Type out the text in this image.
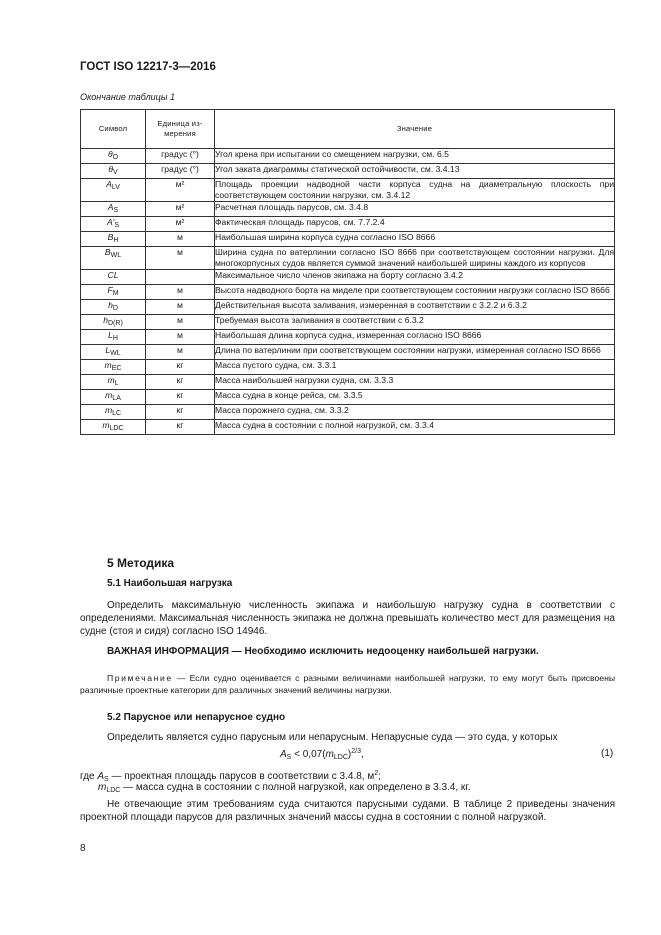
ГОСТ ISO 12217-3—2016
Окончание таблицы 1
Символ	Единица из-мерения	Значение
$\theta_O$	градус (°)	Угол крена при испытании со смещением нагрузки, см. 6.5
$\theta_V$	градус (°)	Угол заката диаграммы статической остойчивости, см. 3.4.13
$A_{LV}$	м²	Площадь проекции надводной части корпуса судна на диаметральную плоскость при соответствующем состоянии нагрузки, см. 3.4.12
$A_S$	м²	Расчетная площадь парусов, см. 3.4.8
$A'_S$	м²	Фактическая площадь парусов, см. 7.7.2.4
$B_H$	м	Наибольшая ширина корпуса судна согласно ISO 8666
$B_{WL}$	м	Ширина судна по ватерлинии согласно ISO 8666 при соответствующем состоянии нагрузки. Для многокорпусных судов является суммой значений наибольшей ширины каждого из корпусов
CL		Максимальное число членов экипажа на борту согласно 3.4.2
$F_M$	м	Высота надводного борта на миделе при соответствующем состоянии нагрузки согласно ISO 8666
$h_D$	м	Действительная высота заливания, измеренная в соответствии с 3.2.2 и 6.3.2
$h_{D(R)}$	м	Требуемая высота заливания в соответствии с 6.3.2
$L_H$	м	Наибольшая длина корпуса судна, измеренная согласно ISO 8666
$L_{WL}$	м	Длина по ватерлинии при соответствующем состоянии нагрузки, измеренная согласно ISO 8666
$m_{EC}$	кг	Масса пустого судна, см. 3.3.1
$m_L$	кг	Масса наибольшей нагрузки судна, см. 3.3.3
$m_{LA}$	кг	Масса судна в конце рейса, см. 3.3.5
$m_{LC}$	кг	Масса порожнего судна, см. 3.3.2
$m_{LDC}$	кг	Масса судна в состоянии с полной нагрузкой, см. 3.3.4
5 Методика
5.1 Наибольшая нагрузка
Определить максимальную численность экипажа и наибольшую нагрузку судна в соответствии с определениями. Максимальная численность экипажа не должна превышать количество мест для размещения на судне (стоя и сидя) согласно ISO 14946.
ВАЖНАЯ ИНФОРМАЦИЯ — Необходимо исключить недооценку наибольшей нагрузки.
Примечание — Если судно оценивается с разными величинами наибольшей нагрузки, то ему могут быть присвоены различные проектные категории для различных значений величины нагрузки.
5.2 Парусное или непарусное судно
Определить является судно парусным или непарусным. Непарусные суда — это суда, у которых
$A_S < 0,07(m_{LDC})^{2/3}$,	(1)
где $A_S$ — проектная площадь парусов в соответствии с 3.4.8, $м^2$;
$m_{LDC}$ — масса судна в состоянии с полной нагрузкой, как определено в 3.3.4, кг.
Не отвечающие этим требованиям суда считаются парусными судами. В таблице 2 приведены значения проектной площади парусов для различных значений массы судна в состоянии с полной нагрузкой.
8
